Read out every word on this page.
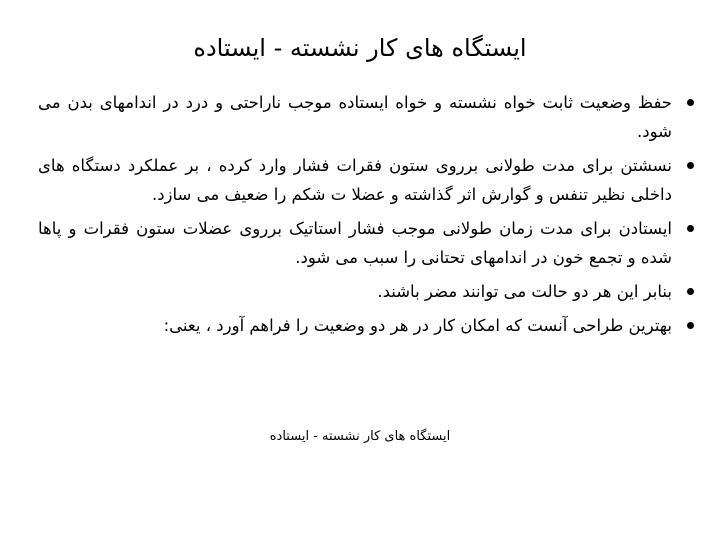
ایستگاه های کار نشسته - ایستاده
حفظ وضعیت ثابت خواه نشسته و خواه ایستاده موجب ناراحتی و درد در اندامهای بدن می شود.
نسشتن برای مدت طولانی برروی ستون فقرات فشار وارد کرده ، بر عملکرد دستگاه های داخلی نظیر تنفس و گوارش اثر گذاشته و عضلا ت شکم را ضعیف می سازد.
ایستادن برای مدت زمان طولانی موجب فشار استاتیک برروی عضلات ستون فقرات و پاها شده و تجمع خون در اندامهای تحتانی را سبب می شود.
بنابر این هر دو حالت می توانند مضر باشند.
بهترین طراحی آنست که امکان کار در هر دو وضعیت را فراهم آورد ، یعنی:
ایستگاه های کار نشسته - ایستاده
